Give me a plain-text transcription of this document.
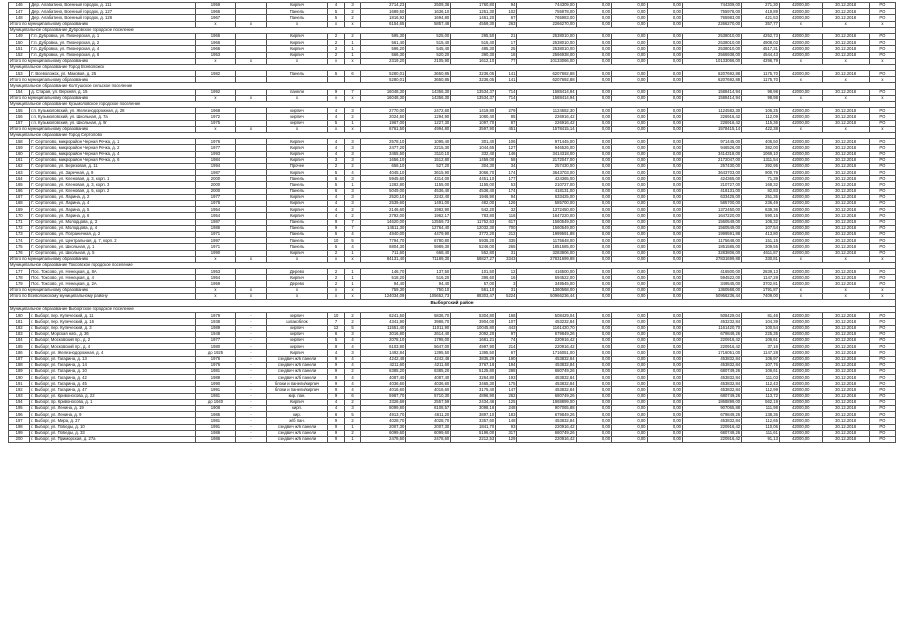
146	Дер. Алабатино, Военный городок, д. 111	1959		Кирпич	4	3	2714,23	2509,38	1760,80	94	744309,00	0,00	0,00	0,00	744309,00	271,30	42000,00	30.12.2018	РО
147	Дер. Алабатино, Военный городок, д. 127	1966		Панель	5	2	1689,50	1636,10	1251,30	102	755978,00	0,00	0,00	0,00	755978,00	419,89	42000,00	30.12.2018	РО
148	Дер. Алабатино, Военный городок, д. 126	1967		Панель	5	2	1816,92	1694,80	1461,20	67	765983,00	0,00	0,00	0,00	765983,00	421,53	42000,00	30.12.2018	РО
Итого по муниципальному образованию		х	х	х	х	х	6154,65	5857,48	4559,30	263	2266270,00	0,00	0,00	0,00	2266270,00	357,77	х	х	х
Муниципальное образование Дубровское городское поселение																			
149	Г.п. Дубровка, ул. Пионерская, д. 1	1966		Кирпич	2	2	595,30	525,00	295,50	21	2538010,00	0,00	0,00	0,00	2538010,00	4252,73	42000,00	30.12.2018	РО
150	Г.п. Дубровка, ул. Пионерская, д. 2	1966		Кирпич	2	1	561,40	515,40	515,40	17	2538010,00	0,00	0,00	0,00	2538010,00	4908,03	42000,00	30.12.2018	РО
151	Г.п. Дубровка, ул. Пионерская, д. 4	1966		Кирпич	2	1	596,20	545,40	485,30	25	2538010,00	0,00	0,00	0,00	2538010,00	4517,31	42000,00	30.12.2018	РО
152	Г.п. Дубровка, ул. Пионерская, д. 6	1953		Кирпич	2	1	566,30	520,20	390,30	18	2566938,00	0,00	0,00	0,00	2566938,00	4544,43	42000,00	30.12.2018	РО
Итого по муниципальному образованию		х	х	х	х	х	2319,20	2105,90	1612,10	77	10133066,00	0,00	0,00	0,00	10133066,00	4296,79	х	х	х
Муниципальное образование Город Всеволожск																			
153	Г. Всеволожск, ул. Маковая, д. 25	1982		Панель	5	6	5280,01	3650,85	3236,05	141	6207692,88	0,00	0,00	0,00	6207692,88	1175,70	42000,00	30.12.2018	РО
Итого по муниципальному образованию							5280,01	3650,85	3236,05	141	6207692,88	0,00	0,00	0,00	6207692,88	1175,70	х	х	х
Муниципальное образование Колтушское сельское поселение																			
154	д. Старая, ул. Верхняя, д. 15	1992		панели	9	7	16048,30	14356,30	13534,37	714	1588414,94	0,00	0,00	0,00	1588414,94	98,98	42000,00	30.12.2018	РО
Итого по муниципальному образованию		х	х	х	х	х	16048,30	14356,30	13534,37	714	1588414,94	0,00	0,00	0,00	1588414,94	98,98	х	х	х
Муниципальное образование Кузьмоловское городское поселение																			
155	г.п. Кузьмоловский, ул. Железнодорожная, д. 28	1968		кирпич	4	3	2770,00	2472,60	1419,80	279	1124582,30	0,00	0,00	0,00	1124582,30	106,25	42000,00	30.12.2018	РО
156	г.п. Кузьмоловский, ул. Школьная, д. 7а	1972		кирпич	4	2	2024,50	1294,90	1080,40	85	226916,42	0,00	0,00	0,00	226916,42	112,09	42000,00	30.12.2018	РО
157	г.п. Кузьмоловский, ул. Школьная, д. 9г	1975		кирпич	5	1	1967,00	1227,30	1097,70	87	226916,42	0,00	0,00	0,00	226916,42	115,36	42000,00	30.12.2018	РО
Итого по муниципальному образованию		х	х	х	х	х	6761,50	4994,80	3597,90	451	1578415,14	0,00	0,00	0,00	1578415,14	422,38	х	х	х
Муниципальное образование Город Сертолово																			
158	Г. Сертолово, микрорайон Черная Речка, д. 1	1976		Кирпич	4	3	2578,10	1095,40	301,40	106	971445,00	0,00	0,00	0,00	971445,00	406,50	42000,00	30.12.2018	РО
159	Г. Сертолово, микрорайон Черная Речка, д. 2	1977		Кирпич	4	3	2477,20	2215,30	1044,65	127	946526,00	0,00	0,00	0,00	946526,00	382,00	42000,00	30.12.2018	РО
160	Г. Сертолово, микрорайон Черная Речка, д. 4	1993		Кирпич	4	3	3455,50	3110,10	332,40	146	3414318,00	0,00	0,00	0,00	3414318,00	1069,10	42000,00	30.12.2018	РО
161	Г. Сертолово, микрорайон Черная Речка, д. 6	1984		Кирпич	3	3	1656,10	1512,80	1459,00	58	2172047,00	0,00	0,00	0,00	2172047,00	1311,54	42000,00	30.12.2018	РО
162	Г. Сертолово, ул. Березовая, д. 11	1994		Прочее	2	2	656,10	527,20	304,30	34	257430,00	0,00	0,00	0,00	257430,00	392,95	42000,00	30.12.2018	РО
163	Г. Сертолово, ул. Заречная, д. 9	1987		Кирпич	5	4	4045,10	3615,90	3066,70	174	3643703,00	0,00	0,00	0,00	3643703,00	900,79	42000,00	30.12.2018	РО
164	Г. Сертолово, ул. Кленовая, д. 3, корп. 1	2000		Панель	6	3	5945,60	4314,00	4451,10	177	424365,00	0,00	0,00	0,00	424365,00	71,39	42000,00	30.12.2018	РО
165	Г. Сертолово, ул. Кленовая, д. 3, корп. 3	2000		Панель	5	1	1282,80	1155,00	1155,00	53	210727,00	0,00	0,00	0,00	210727,00	168,32	42000,00	30.12.2018	РО
166	Г. Сертолово, ул. Кленовая, д. 5, корп. 2	2000		Панель	6	3	5049,00	4536,40	4536,40	174	418131,00	0,00	0,00	0,00	418131,00	82,83	42000,00	30.12.2018	РО
167	Г. Сертолово, ул. Ларина, д. 2	1977		Кирпич	4	3	2520,10	2242,40	1946,90	94	633425,00	0,00	0,00	0,00	633425,00	251,35	42000,00	30.12.2018	РО
168	Г. Сертолово, ул. Ларина, д. 4	1978		Кирпич	4	3	2539,60	1491,00	482,00	126	585700,00	0,00	0,00	0,00	585700,00	236,49	42000,00	30.12.2018	РО
169	Г. Сертолово, ул. Ларина, д. 5	1954		Кирпич	4	2	2146,60	1982,90	542,20	32	1372450,00	0,00	0,00	0,00	1372450,00	639,36	42000,00	30.12.2018	РО
170	Г. Сертолово, ул. Ларина, д. 6	1954		Кирпич	4	2	2792,00	1962,17	783,80	116	1647220,00	0,00	0,00	0,00	1647220,00	590,15	42000,00	30.12.2018	РО
171	Г. Сертолово, ул. Молодцова, д. 3	1987		Панель	9	7	14620,00	12559,73	11752,63	617	1560549,00	0,00	0,00	0,00	1560549,00	106,32	42000,00	30.12.2018	РО
172	Г. Сертолово, ул. Молодцова, д. 4	1986		Панель	9	7	14511,30	12764,40	12032,30	700	1560549,00	0,00	0,00	0,00	1560549,00	107,54	42000,00	30.12.2018	РО
173	Г. Сертолово, ул. Пограничная, д. 2	1971		Панель	5	4	4840,00	4479,90	3772,20	212	1999591,88	0,00	0,00	0,00	1999591,88	413,80	42000,00	30.12.2018	РО
174	Г. Сертолово, ул. Центральная, д. 7, корп. 2	1997		Панель	10	5	7794,70	6780,80	5935,20	335	1175648,00	0,00	0,00	0,00	1175648,00	151,15	42000,00	30.12.2018	РО
175	Г. Сертолово, ул. Школьная, д. 1	1971		Панель	5	4	6804,30	5989,30	5246,00	265	1851585,00	0,00	0,00	0,00	1851585,00	309,55	42000,00	30.12.2018	РО
176	Г. Сертолово, ул. Школьная, д. 5	1990		Кирпич	2	1	711,60	668,40	552,80	31	3283806,00	0,00	0,00	0,00	3283806,00	4611,87	42000,00	30.12.2018	РО
Итого по муниципальному образованию		х	х	х	х	х	84131,40	71189,30	58827,27	3343	27831699,88	0,00	0,00	0,00	27831699,88	330,81	х	х	х
Муниципальное образование Токсовское городское поселение																			
177	Пос. Токсово, ул. Ненецкая, д. 8А	1953		Дерево	2	1	146,70	137,50	101,50	12	416500,00	0,00	0,00	0,00	416500,00	2839,13	42000,00	30.12.2018	РО
178	Пос. Токсово, ул. Ненецкая, д. 4	1954		Кирпич	2	1	518,20	516,20	396,60	16	594522,00	0,00	0,00	0,00	594522,00	1147,28	42000,00	30.12.2018	РО
179	Пос. Токсово, ул. Ненецкая, д. 2А	1959		Дерево	2	1	94,40	94,40	57,00	3	349545,00	0,00	0,00	0,00	349545,00	3702,81	42000,00	30.12.2018	РО
Итого по муниципальному образованию		х	х	х	х	х	759,30	750,10	561,10	31	1360568,00	0,00	0,00	0,00	1360568,00	1791,87	х	х	х
Итого по Всеволожскому муниципальному району		х	х	х	х	х	124034,09	105652,73	88303,47	5224	50966236,44	0,00	0,00	0,00	50966236,44	7409,00	х	х	х
Выборгский район																			
Муниципальное образование Выборгское городское поселение																			
180	г. Выборг, пер. Купеческий, д. 11	1979	-	кирпич	10	2	6241,50	5836,70	5304,80	168	508429,04	0,00	0,00	0,00	508429,04	81,46	42000,00	30.12.2018	РО
181	г. Выборг, пер. Купеческий, д. 16	1938	-	шлакоблок	7	2	4341,90	3986,70	3904,00	107	453232,84	0,00	0,00	0,00	453232,84	104,39	42000,00	30.12.2018	РО
182	г. Выборг, пер. Купеческий, д. 3	1989	-	кирпич	12	5	11551,40	11011,90	10045,80	443	1161420,70	0,00	0,00	0,00	1161420,70	100,54	42000,00	30.12.2018	РО
183	г. Выборг, Морская наб., д. 36	1948	-	кирпич	6	3	3016,80	2614,40	2092,20	97	679849,26	0,00	0,00	0,00	679849,26	225,35	42000,00	30.12.2018	РО
184	г. Выборг, Московский пр., д. 2	1977	-	кирпич	5	4	2078,10	1795,00	1681,21	74	220916,42	0,00	0,00	0,00	220916,42	106,61	42000,00	30.12.2018	РО
185	г. Выборг, Московский пр., д. 4	1980	-	кирпич	9	4	6103,90	5647,00	4997,90	214	220916,42	0,00	0,00	0,00	220916,42	37,16	42000,00	30.12.2018	РО
186	г. Выборг, ул. Железнодорожная, д. 4	до 1925	-	Кирпич	4	3	1492,84	1395,50	1395,50	67	1716051,00	0,00	0,00	0,00	1716051,00	1147,28	42000,00	30.12.2018	РО
187	г. Выборг, ул. Гагарина, д. 13	1976	-	сэндвич ж/б панели	9	4	4242,48	4242,48	3835,29	190	453832,84	0,00	0,00	0,00	453832,84	106,97	42000,00	30.12.2018	РО
188	г. Выборг, ул. Гагарина, д. 14	1976	-	сэндвич ж/б панели	9	4	4211,60	4211,60	3767,18	194	453832,84	0,00	0,00	0,00	453832,84	107,76	42000,00	30.12.2018	РО
189	г. Выборг, ул. Гагарина, д. 10	1981	-	сэндвич ж/б панели	9	2	6385,20	6385,20	5125,80	288	680749,26	0,00	0,00	0,00	680749,26	106,61	42000,00	30.12.2018	РО
190	г. Выборг, ул. Гагарина, д. 42	1989	-	сэндвич ж/б панели	9	4	4087,40	4087,40	3264,80	193	453832,84	0,00	0,00	0,00	453832,84	111,03	42000,00	30.12.2018	РО
191	г. Выборг, ул. Гагарина, д. 45	1990	-	блоки и панели/кирпич	9	4	4036,60	4036,60	3465,30	175	453832,84	0,00	0,00	0,00	453832,84	112,43	42000,00	30.12.2018	РО
192	г. Выборг, ул. Гагарина, д. 47	1991	-	блоки и панели/кирпич	9	4	4016,60	4016,60	3175,40	147	453832,84	0,00	0,00	0,00	453832,84	112,99	42000,00	30.12.2018	РО
193	г. Выборг, ул. Кривоносова, д. 22	1981	-	кир. пан.	9	6	5987,70	5710,30	4896,90	262	680749,26	0,00	0,00	0,00	680749,26	113,72	42000,00	30.12.2018	РО
194	г. Выборг, пр. Кривоносова, д. 1	до 1940	-	Кирпич	4	2	3326,69	2557,59	2434,46	125	1868899,00	0,00	0,00	0,00	1868899,00	562,19	42000,00	30.12.2018	РО
195	г. Выборг, ул. Ленина, д. 19	1908	-	кирп.	4	3	8099,80	6108,57	3098,18	248	907065,88	0,00	0,00	0,00	907065,88	111,98	42000,00	30.12.2018	РО
196	г. Выборг, ул. Ленина, д. 9	1985	-	кир.	6	5	4913,70	4611,20	3897,10	183	679849,26	0,00	0,00	0,00	679849,26	138,36	42000,00	30.12.2018	РО
197	г. Выборг, ул. Мира, д. 27	1981	-	ж/б пан.	9	2	4028,70	4028,70	3357,60	148	453832,84	0,00	0,00	0,00	453832,84	112,65	42000,00	30.12.2018	РО
198	г. Выборг, ул. Победы, д. 10	1991	-	сэндвич ж/б панели	9	1	2007,30	2007,30	1841,70	93	220916,42	0,00	0,00	0,00	220916,42	110,06	42000,00	30.12.2018	РО
199	г. Выборг, ул. Победы, д. 33	1986	-	сэндвич ж/б панели	9	2	6099,60	6099,60	5196,00	317	680749,26	0,00	0,00	0,00	680749,26	111,61	42000,00	30.12.2018	РО
200	г. Выборг, ул. Приморская, д. 27а	1986	-	сэндвич ж/б панели	9	1	2478,60	2478,60	2212,53	129	220916,42	0,00	0,00	0,00	220916,42	91,13	42000,00	30.12.2018	РО
